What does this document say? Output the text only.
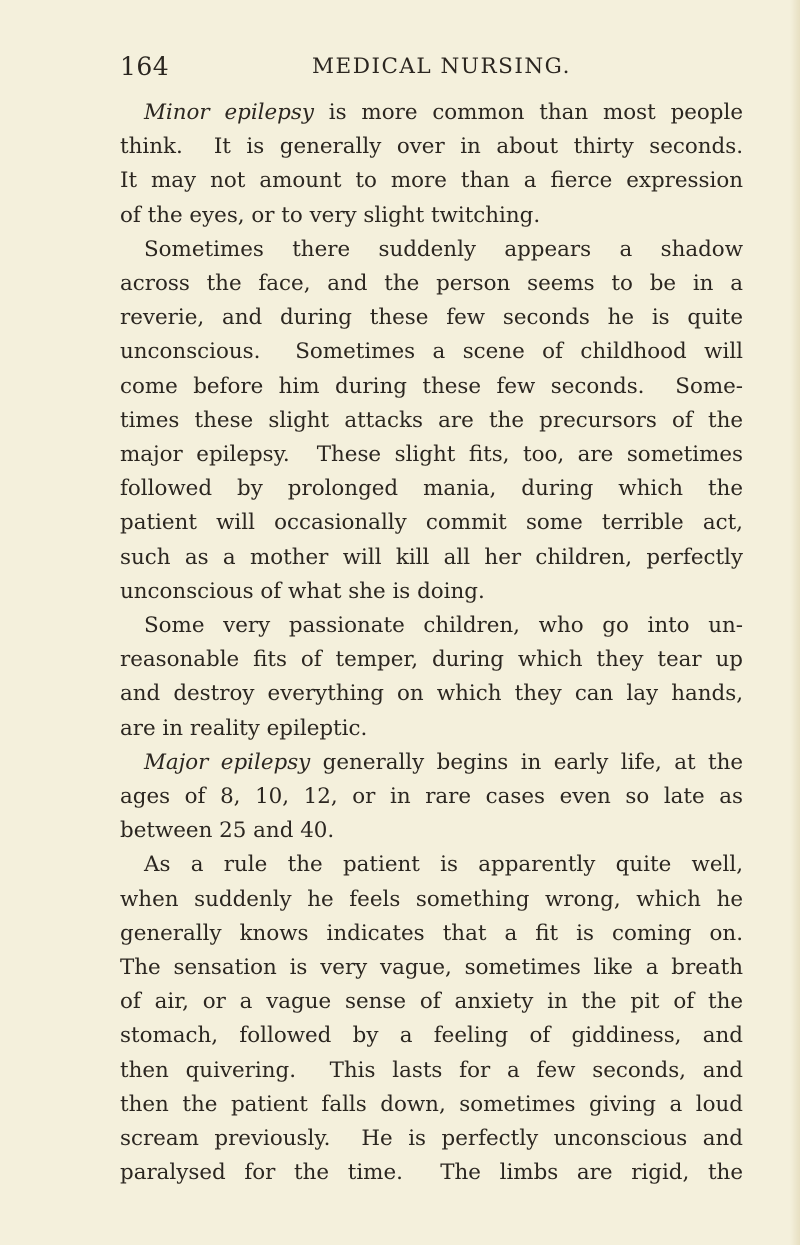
164	MEDICAL NURSING.
Minor epilepsy is more common than most people
think.  It is generally over in about thirty seconds.
It may not amount to more than a fierce expression
of the eyes, or to very slight twitching.
Sometimes there suddenly appears a shadow
across the face, and the person seems to be in a
reverie, and during these few seconds he is quite
unconscious.  Sometimes a scene of childhood will
come before him during these few seconds.  Some-
times these slight attacks are the precursors of the
major epilepsy.  These slight fits, too, are sometimes
followed by prolonged mania, during which the
patient will occasionally commit some terrible act,
such as a mother will kill all her children, perfectly
unconscious of what she is doing.
Some very passionate children, who go into un-
reasonable fits of temper, during which they tear up
and destroy everything on which they can lay hands,
are in reality epileptic.
Major epilepsy generally begins in early life, at the
ages of 8, 10, 12, or in rare cases even so late as
between 25 and 40.
As a rule the patient is apparently quite well,
when suddenly he feels something wrong, which he
generally knows indicates that a fit is coming on.
The sensation is very vague, sometimes like a breath
of air, or a vague sense of anxiety in the pit of the
stomach, followed by a feeling of giddiness, and
then quivering.  This lasts for a few seconds, and
then the patient falls down, sometimes giving a loud
scream previously.  He is perfectly unconscious and
paralysed for the time.  The limbs are rigid, the
